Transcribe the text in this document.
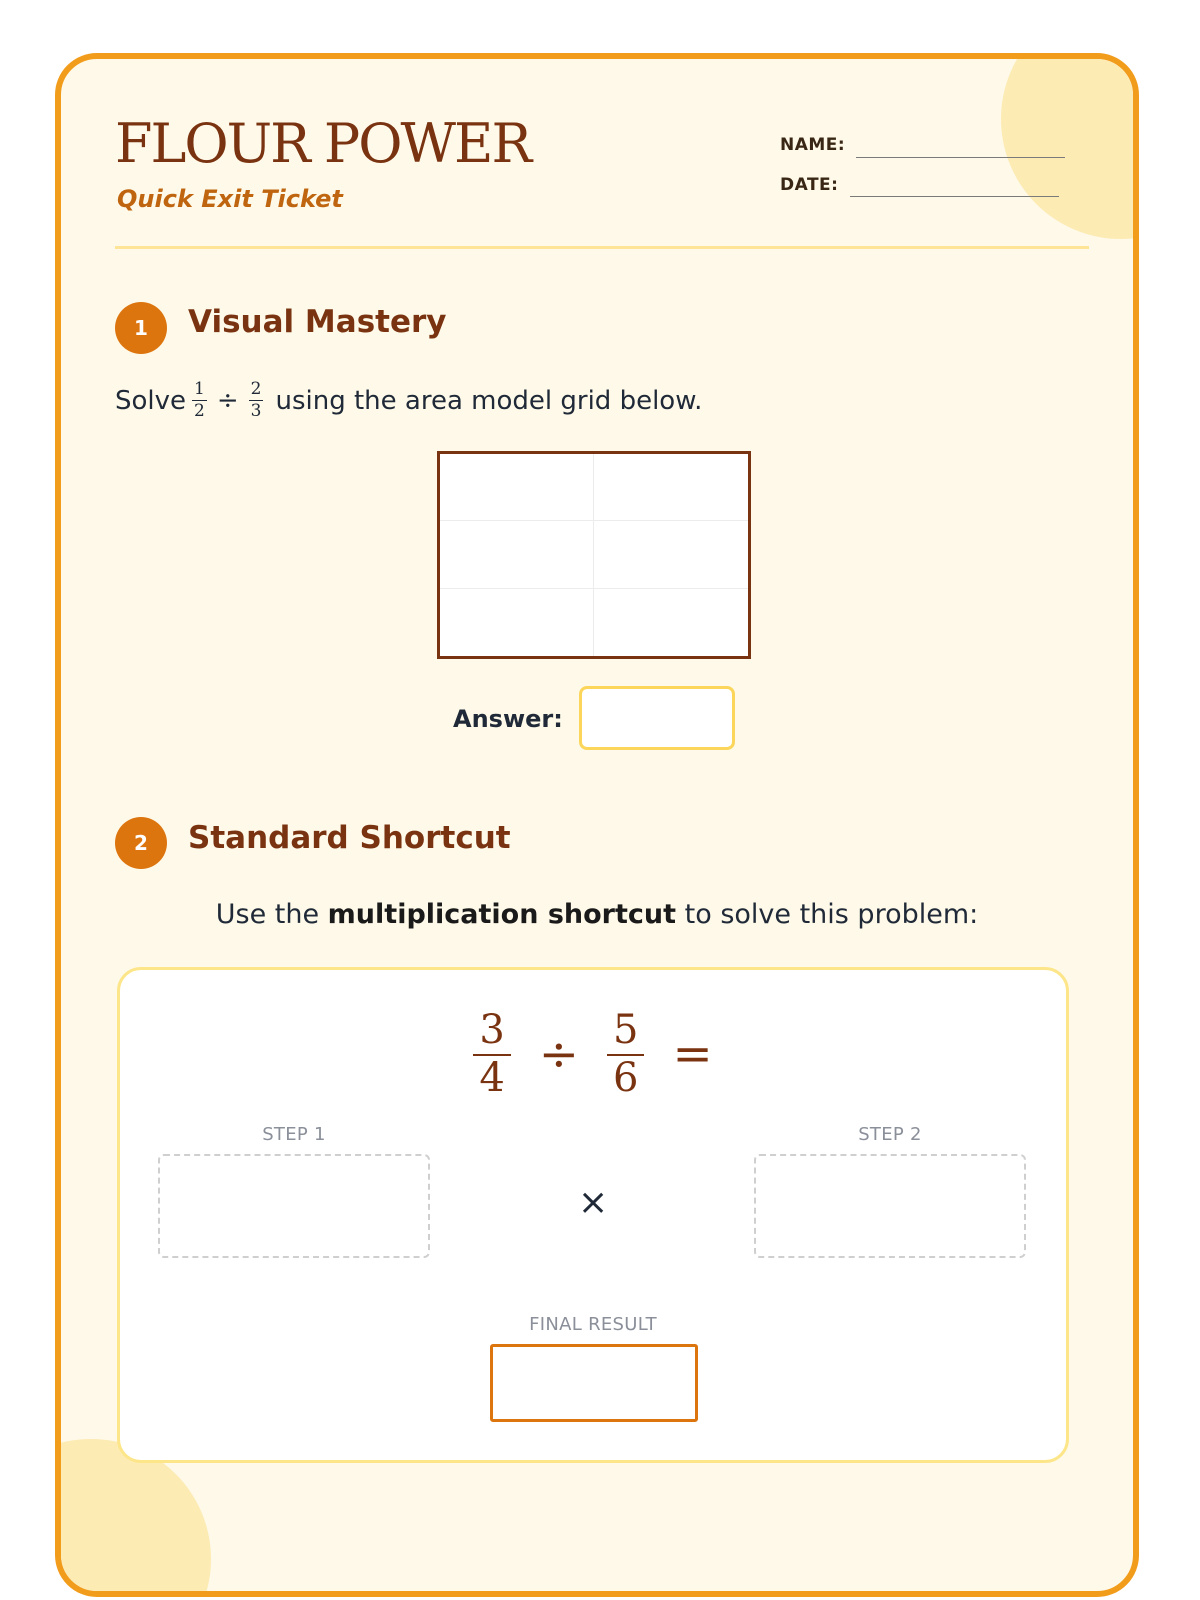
FLOUR POWER
Quick Exit Ticket
NAME:
DATE:
1	Visual Mastery
Solve $\frac{1}{2} \div \frac{2}{3}$ using the area model grid below.
Answer:
2	Standard Shortcut
Use the multiplication shortcut to solve this problem:
$\frac{3}{4} \div \frac{5}{6}$ =
STEP 1
×
STEP 2
FINAL RESULT
